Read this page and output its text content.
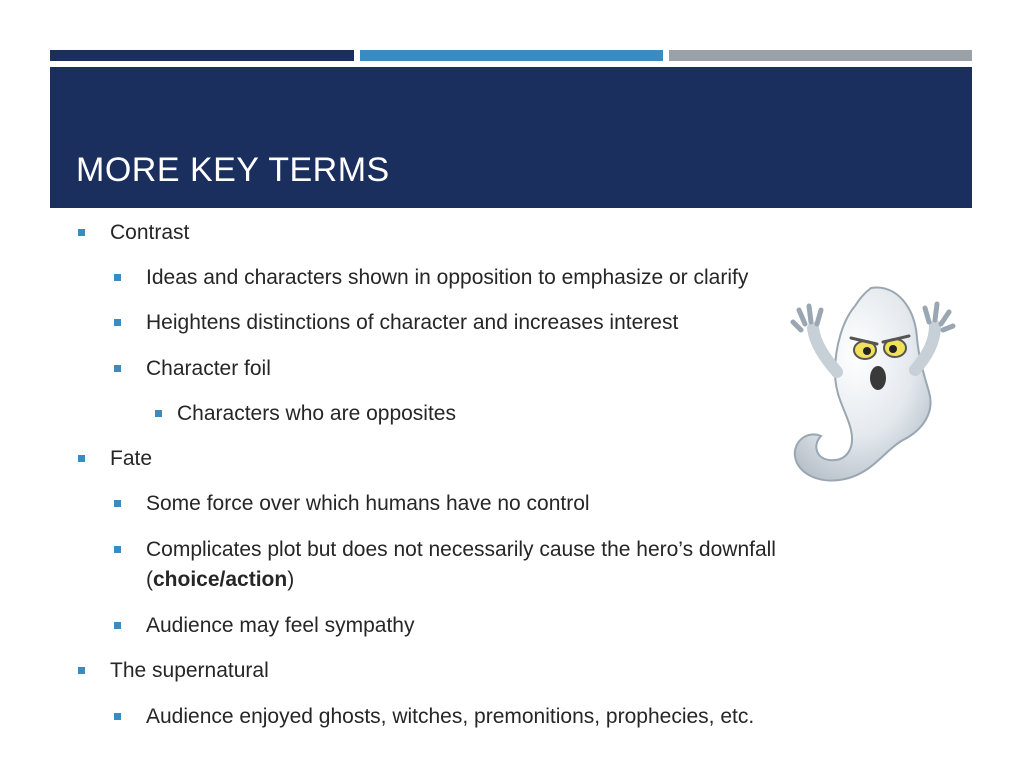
MORE KEY TERMS
Contrast
Ideas and characters shown in opposition to emphasize or clarify
Heightens distinctions of character and increases interest
Character foil
Characters who are opposites
Fate
Some force over which humans have no control
Complicates plot but does not necessarily cause the hero’s downfall (choice/action)
Audience may feel sympathy
The supernatural
Audience enjoyed ghosts, witches, premonitions, prophecies, etc.
